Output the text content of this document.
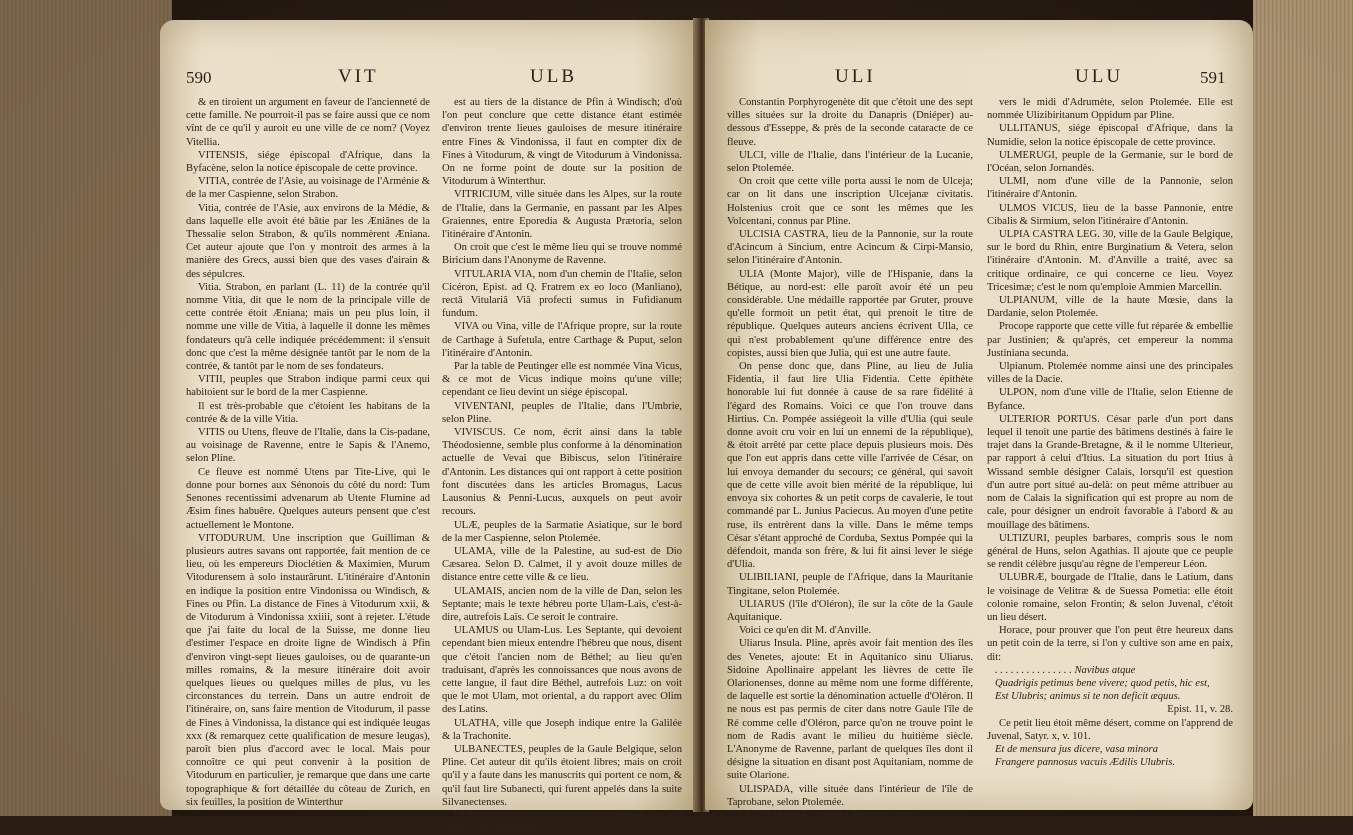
590	VIT	ULB

& en tiroient un argument en faveur de l'ancienneté de cette famille. Ne pourroit-il pas se faire aussi que ce nom vînt de ce qu'il y auroit eu une ville de ce nom? (Voyez Vitellia.

VITENSIS, siége épiscopal d'Afrique, dans la Byfacène, selon la notice épiscopale de cette province.

VITIA, contrée de l'Asie, au voisinage de l'Arménie & de la mer Caspienne, selon Strabon.

Vitia, contrée de l'Asie, aux environs de la Médie, & dans laquelle elle avoit été bâtie par les Æniânes de la Thessalie selon Strabon, & qu'ils nommèrent Æniana. Cet auteur ajoute que l'on y montroit des armes à la manière des Grecs, aussi bien que des vases d'airain & des sépulcres.

Vitia. Strabon, en parlant (L. 11) de la contrée qu'il nomme Vitia, dit que le nom de la principale ville de cette contrée étoit Æniana; mais un peu plus loin, il nomme une ville de Vitia, à laquelle il donne les mêmes fondateurs qu'à celle indiquée précédemment: il s'ensuit donc que c'est la même désignée tantôt par le nom de la contrée, & tantôt par le nom de ses fondateurs.

VITII, peuples que Strabon indique parmi ceux qui habitoient sur le bord de la mer Caspienne.

Il est très-probable que c'étoient les habitans de la contrée & de la ville Vitia.

VITIS ou Utens, fleuve de l'Italie, dans la Cis-padane, au voisinage de Ravenne, entre le Sapis & l'Anemo, selon Pline.

Ce fleuve est nommé Utens par Tite-Live, qui le donne pour bornes aux Sénonois du côté du nord: Tum Senones recentissimi advenarum ab Utente Flumine ad Æsim fines habuêre. Quelques auteurs pensent que c'est actuellement le Montone.

VITODURUM. Une inscription que Guilliman & plusieurs autres savans ont rapportée, fait mention de ce lieu, où les empereurs Dioclétien & Maximien, Murum Vitodurensem à solo instaurârunt. L'itinéraire d'Antonin en indique la position entre Vindonissa ou Windisch, & Fines ou Pfin. La distance de Fines à Vitodurum xxii, & de Vitodurum à Vindonissa xxiiii, sont à rejeter. L'étude que j'ai faite du local de la Suisse, me donne lieu d'estimer l'espace en droite ligne de Windisch à Pfin d'environ vingt-sept lieues gauloises, ou de quarante-un milles romains, & la mesure itinéraire doit avoir quelques lieues ou quelques milles de plus, vu les circonstances du terrein. Dans un autre endroit de l'itinéraire, on, sans faire mention de Vitodurum, il passe de Fines à Vindonissa, la distance qui est indiquée leugas xxx (& remarquez cette qualification de mesure leugas), paroît bien plus d'accord avec le local. Mais pour connoître ce qui peut convenir à la position de Vitodurum en particulier, je remarque que dans une carte topographique & fort détaillée du côteau de Zurich, en six feuilles, la position de Winterthur

est au tiers de la distance de Pfin à Windisch; d'où l'on peut conclure que cette distance étant estimée d'environ trente lieues gauloises de mesure itinéraire entre Fines & Vindonissa, il faut en compter dix de Fines à Vitodurum, & vingt de Vitodurum à Vindonissa. On ne forme point de doute sur la position de Vitodurum à Winterthur.

VITRICIUM, ville située dans les Alpes, sur la route de l'Italie, dans la Germanie, en passant par les Alpes Graiennes, entre Eporedia & Augusta Prætoria, selon l'itinéraire d'Antonin.

On croit que c'est le même lieu qui se trouve nommé Biricium dans l'Anonyme de Ravenne.

VITULARIA VIA, nom d'un chemin de l'Italie, selon Cicéron, Epist. ad Q. Fratrem ex eo loco (Manliano), rectâ Vitulariâ Viâ profecti sumus in Fufidianum fundum.

VIVA ou Vina, ville de l'Afrique propre, sur la route de Carthage à Sufetula, entre Carthage & Puput, selon l'itinéraire d'Antonin.

Par la table de Peutinger elle est nommée Vina Vicus, & ce mot de Vicus indique moins qu'une ville; cependant ce lieu devint un siége épiscopal.

VIVENTANI, peuples de l'Italie, dans l'Umbrie, selon Pline.

VIVISCUS. Ce nom, écrit ainsi dans la table Théodosienne, semble plus conforme à la dénomination actuelle de Vevai que Bibiscus, selon l'itinéraire d'Antonin. Les distances qui ont rapport à cette position font discutées dans les articles Bromagus, Lacus Lausonius & Penni-Lucus, auxquels on peut avoir recours.

ULÆ, peuples de la Sarmatie Asiatique, sur le bord de la mer Caspienne, selon Ptolemée.

ULAMA, ville de la Palestine, au sud-est de Dio Cæsarea. Selon D. Calmet, il y avoit douze milles de distance entre cette ville & ce lieu.

ULAMAIS, ancien nom de la ville de Dan, selon les Septante; mais le texte hébreu porte Ulam-Lais, c'est-à-dire, autrefois Laïs. Ce seroit le contraire.

ULAMUS ou Ulam-Lus. Les Septante, qui devoient cependant bien mieux entendre l'hébreu que nous, disent que c'étoit l'ancien nom de Béthel; au lieu qu'en traduisant, d'après les connoissances que nous avons de cette langue, il faut dire Béthel, autrefois Luz: on voit que le mot Ulam, mot oriental, a du rapport avec Olim des Latins.

ULATHA, ville que Joseph indique entre la Galilée & la Trachonite.

ULBANECTES, peuples de la Gaule Belgique, selon Pline. Cet auteur dit qu'ils étoient libres; mais on croit qu'il y a faute dans les manuscrits qui portent ce nom, & qu'il faut lire Subanecti, qui furent appelés dans la suite Silvanectenses.

ULBORSI ou Ostrobunipracii: le premier mot est russe; le second esclavon.

ULI	ULU	591

Constantin Porphyrogenète dit que c'étoit une des sept villes situées sur la droite du Danapris (Dniéper) au-dessous d'Esseppe, & près de la seconde cataracte de ce fleuve.

ULCI, ville de l'Italie, dans l'intérieur de la Lucanie, selon Ptolemée.

On croit que cette ville porta aussi le nom de Ulceja; car on lit dans une inscription Ulcejanæ civitatis. Holstenius croit que ce sont les mêmes que les Volcentani, connus par Pline.

ULCISIA CASTRA, lieu de la Pannonie, sur la route d'Acincum à Sincium, entre Acincum & Cirpi-Mansio, selon l'itinéraire d'Antonin.

ULIA (Monte Major), ville de l'Hispanie, dans la Bétique, au nord-est: elle paroît avoir été un peu considérable. Une médaille rapportée par Gruter, prouve qu'elle formoit un petit état, qui prenoit le titre de république. Quelques auteurs anciens écrivent Ulla, ce qui n'est probablement qu'une différence entre des copistes, aussi bien que Julia, qui est une autre faute.

On pense donc que, dans Pline, au lieu de Julia Fidentia, il faut lire Ulia Fidentia. Cette épithète honorable lui fut donnée à cause de sa rare fidélité à l'égard des Romains. Voici ce que l'on trouve dans Hirtius. Cn. Pompée assiégeoit la ville d'Ulia (qui seule donne avoit cru voir en lui un ennemi de la république), & étoit arrêté par cette place depuis plusieurs mois. Dès que l'on eut appris dans cette ville l'arrivée de César, on lui envoya demander du secours; ce général, qui savoit que de cette ville avoit bien mérité de la république, lui envoya six cohortes & un petit corps de cavalerie, le tout commandé par L. Junius Paciecus. Au moyen d'une petite ruse, ils entrèrent dans la ville. Dans le même temps César s'étant approché de Corduba, Sextus Pompée qui la défendoit, manda son frère, & lui fit ainsi lever le siége d'Ulia.

ULIBILIANI, peuple de l'Afrique, dans la Mauritanie Tingitane, selon Ptolemée.

ULIARUS (l'île d'Oléron), île sur la côte de la Gaule Aquitanique.

Voici ce qu'en dit M. d'Anville.

Uliarus Insula. Pline, après avoir fait mention des îles des Venetes, ajoute: Et in Aquitanico sinu Uliarus. Sidoine Apollinaire appelant les lièvres de cette île Olarionenses, donne au même nom une forme différente, de laquelle est sortie la dénomination actuelle d'Oléron. Il ne nous est pas permis de citer dans notre Gaule l'île de Ré comme celle d'Oléron, parce qu'on ne trouve point le nom de Radis avant le milieu du huitième siècle. L'Anonyme de Ravenne, parlant de quelques îles dont il désigne la situation en disant post Aquitaniam, nomme de suite Olarione.

ULISPADA, ville située dans l'intérieur de l'île de Taprobane, selon Ptolemée.

ULIZIBIRRHA, ville de l'Afrique propre,

vers le midi d'Adrumète, selon Ptolemée. Elle est nommée Ulizibiritanum Oppidum par Pline.

ULLITANUS, siége épiscopal d'Afrique, dans la Numidie, selon la notice épiscopale de cette province.

ULMERUGI, peuple de la Germanie, sur le bord de l'Océan, selon Jornandès.

ULMI, nom d'une ville de la Pannonie, selon l'itinéraire d'Antonin.

ULMOS VICUS, lieu de la basse Pannonie, entre Cibalis & Sirmium, selon l'itinéraire d'Antonin.

ULPIA CASTRA LEG. 30, ville de la Gaule Belgique, sur le bord du Rhin, entre Burginatium & Vetera, selon l'itinéraire d'Antonin. M. d'Anville a traité, avec sa critique ordinaire, ce qui concerne ce lieu. Voyez Tricesimæ; c'est le nom qu'emploie Ammien Marcellin.

ULPIANUM, ville de la haute Mœsie, dans la Dardanie, selon Ptolemée.

Procope rapporte que cette ville fut réparée & embellie par Justinien; & qu'après, cet empereur la nomma Justiniana secunda.

Ulpianum. Ptolemée nomme ainsi une des principales villes de la Dacie.

ULPON, nom d'une ville de l'Italie, selon Etienne de Byfance.

ULTERIOR PORTUS. César parle d'un port dans lequel il tenoit une partie des bâtimens destinés à faire le trajet dans la Grande-Bretagne, & il le nomme Ulterieur, par rapport à celui d'Itius. La situation du port Itius à Wissand semble désigner Calais, lorsqu'il est question d'un autre port situé au-delà: on peut même attribuer au nom de Calais la signification qui est propre au nom de cale, pour désigner un endroit favorable à l'abord & au mouillage des bâtimens.

ULTIZURI, peuples barbares, compris sous le nom général de Huns, selon Agathias. Il ajoute que ce peuple se rendit célèbre jusqu'au règne de l'empereur Léon.

ULUBRÆ, bourgade de l'Italie, dans le Latium, dans le voisinage de Velitræ & de Suessa Pometia: elle étoit colonie romaine, selon Frontin; & selon Juvenal, c'étoit un lieu désert.

Horace, pour prouver que l'on peut être heureux dans un petit coin de la terre, si l'on y cultive son ame en paix, dit:

. . . . . . . . . . . . . . . Navibus atque

Quadrigis petimus bene vivere; quod petis, hic est,

Est Ulubris; animus si te non deficit æquus.

Epist. 11, v. 28.

Ce petit lieu étoit même désert, comme on l'apprend de Juvenal, Satyr. x, v. 101.

Et de mensura jus dicere, vasa minora

Frangere pannosus vacuis Ædilis Ulubris.
